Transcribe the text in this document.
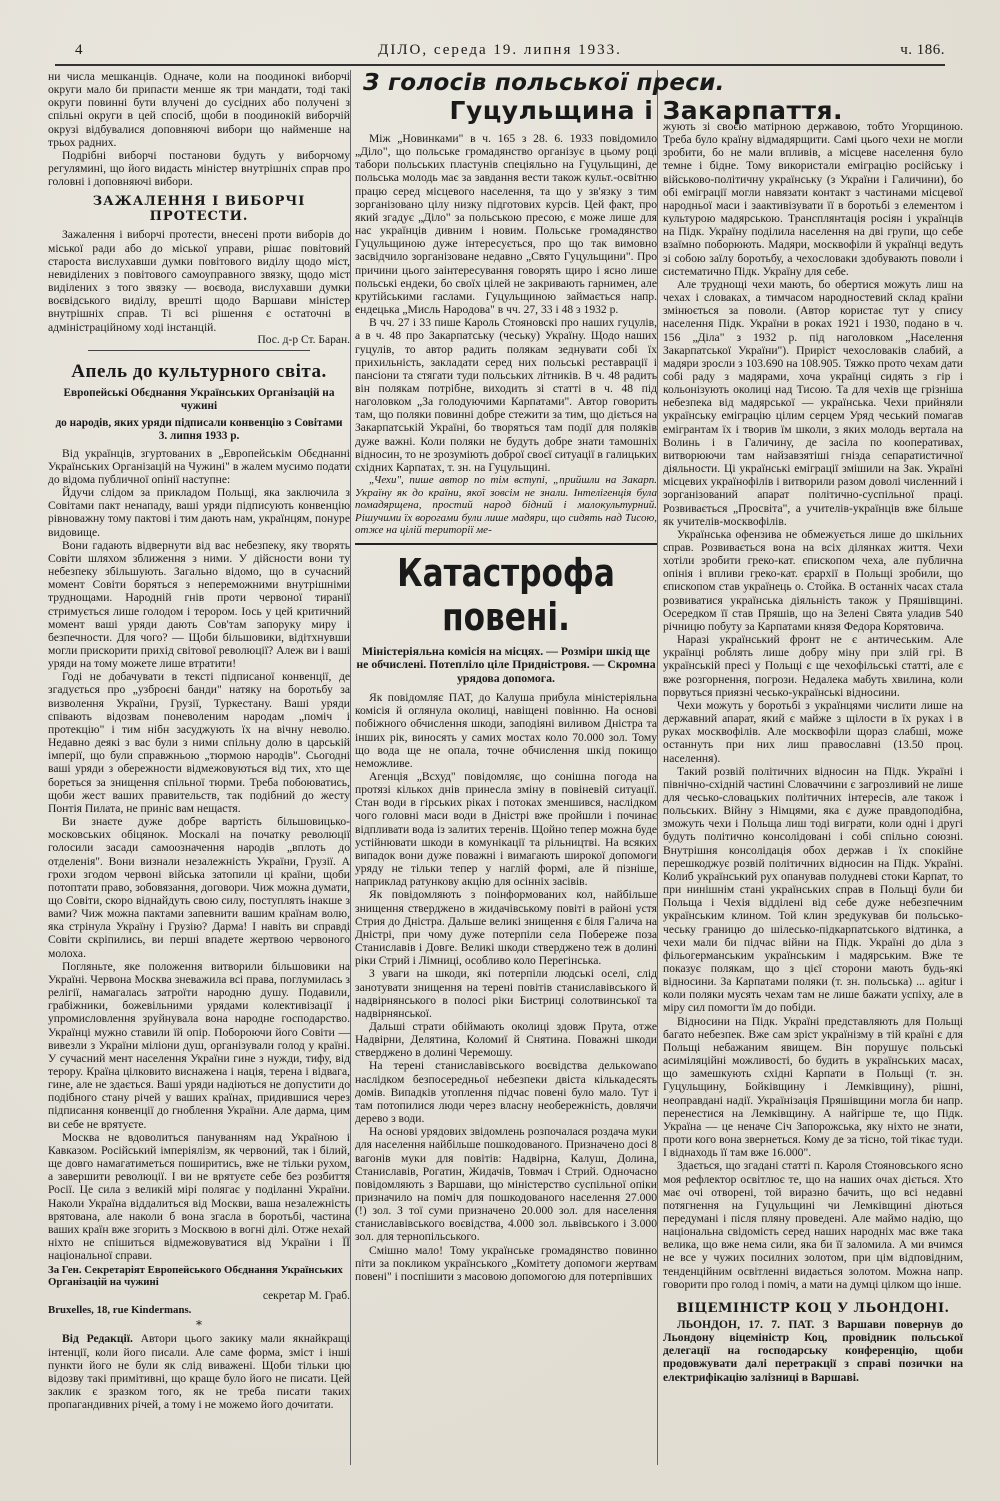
4	ДІЛО, середа 19. липня 1933.	ч. 186.

ни числа мешканців. Одначе, коли на поодинокі виборчі округи мало би припасти менше як три мандати, тоді такі округи повинні бути влучені до сусідних або получені з спільні округи в цей спосіб, щоби в поодинокій виборчій окрузі відбувалися доповняючі вибори що найменше на трьох радних.

Подрібні виборчі постанови будуть у виборчому регулямині, що його видасть міністер внутрішніх справ про головні і доповняючі вибори.

ЗАЖАЛЕННЯ І ВИБОРЧІ ПРОТЕСТИ.

Зажалення і виборчі протести, внесені проти виборів до міської ради або до міської управи, рішає повітовий староста вислухавши думки повітового виділу щодо міст, невиділених з повітового самоуправного звязку, щодо міст виділених з того звязку — воєвода, вислухавши думки воєвідського виділу, врешті щодо Варшави міністер внутрішніх справ. Ті всі рішення є остаточні в адміністраційному ході інстанцій.

Пос. д-р Ст. Баран.

Апель до культурного світа.
Европейські Обєднання Українських Організацій на чужині
до народів, яких уряди підписали конвенцію з Совітами 3. липня 1933 р.

Від українців, згуртованих в „Европейськім Обєднанні Українських Організацій на Чужині" в жалем мусимо подати до відома публичної опінії наступне:

Йдучи слідом за прикладом Польщі, яка заключила з Совітами пакт ненападу, ваші уряди підписують конвенцію рівноважну тому пактові і тим дають нам, українцям, понуре видовище.

Вони гадають відвернути від вас небезпеку, яку творять Совіти шляхом зближення з ними. У дійсности вони ту небезпеку збільшують. Загально відомо, що в сучасний момент Совіти боряться з непереможними внутрішніми труднощами. Народній гнів проти червоної тиранії стримується лише голодом і терором. Іось у цей критичний момент ваші уряди дають Сов'там запоруку миру і безпечности. Для чого? — Щоби більшовики, відітхнувши могли прискорити прихід світової революції? Алеж ви і ваші уряди на тому можете лише втратити!

Годі не добачувати в тексті підписаної конвенції, де згадується про „узброєні банди" натяку на боротьбу за визволення України, Грузії, Туркестану. Ваші уряди співають відозвам поневоленим народам „поміч і протекцію" і тим нібн засуджують їх на вічну неволю. Недавно деякі з вас були з ними спільну долю в царській імперії, що були справжньою „тюрмою народів". Сьогодні ваші уряди з обережности відмежовуються від тих, хто ще бореться за знищення спільної тюрми. Треба побоюватись, щоби жест ваших правительств, так подібний до жесту Понтія Пилата, не приніс вам нещастя.

Ви знаєте дуже добре вартість більшовицько-московських обіцянок. Москалі на початку революції голосили засади самоозначення народів „вплоть до отделенія". Вони визнали незалежність України, Грузії. А грохи згодом червоні війська затопили ці країни, щоби потоптати право, зобовязання, договори. Чиж можна думати, що Совіти, скоро віднайдуть свою силу, поступлять інакше з вами? Чиж можна пактами запевнити вашим країнам волю, яка стрінула Україну і Грузію? Дарма! І навіть ви справді Совіти скріпились, ви перші впадете жертвою червоного молоха.

Погляньте, яке положення витворили більшовики на Україні. Червона Москва зневажила всі права, поглумилась з релігії, намагалась затроїти народню душу. Подавили, грабіжники, божевільними урядами колективізації і упромисловлення зруйнувала вона народне господарство. Українці мужно ставили їй опір. Побороючи його Совіти — вивезли з України міліони душ, організували голод у країні. У сучасний мент населення України гине з нужди, тифу, від терору. Країна цілковито виснажена і нація, терена і відвага, гине, але не здається. Ваші уряди надіються не допустити до подібного стану річей у ваших країнах, придившися через підписання конвенції до гноблення України. Але дарма, цим ви себе не врятуєте.

Москва не вдоволиться пануванням над Україною і Кавказом. Російський імперіялізм, як червоний, так і білий, ще довго намагатиметься поширитись, вже не тільки рухом, а завершити революції. І ви не врятуєте себе без розбиття Росії. Це сила з великій мірі полягає у поділанні України. Наколи Україна віддалиться від Москви, вашa незалежність врятована, але наколи б вона згасла в боротьбі, частина ваших країн вже згорить з Москвою в вогні ділі. Отже нехай ніхто не спішиться відмежовуватися від України і ЇЇ національної справи.

За Ген. Секретаріят Европейського Обєднання Українських Організацій на чужині

секретар М. Граб.

Bruxelles, 18, rue Kindermans.

*

Від Редакції. Автори цього закику мали якнайкращі інтенції, коли його писали. Але саме форма, зміст і інші пункти його не були як слід виважені. Щоби тільки цю відозву такі примітивні, що краще було його не писати. Цей заклик є зразком того, як не треба писати таких пропагандивних річей, а тому і не можемо його дочитати.

З голосів польської преси.
Гуцульщина і Закарпаття.

Між „Новинками" в ч. 165 з 28. 6. 1933 повідомило „Діло", що польське громадянство організує в цьому році табори польських пластунів спеціяльно на Гуцульщині, де польська молодь має за завдання вести також культ.-освітню працю серед місцевого населення, та що у зв'язку з тим зорганізовано цілу низку підготових курсів. Цей факт, про який згадує „Діло" за польською пресою, є може лише для нас українців дивним і новим. Польське громадянство Гуцульщиною дуже інтересується, про що так вимовно засвідчило зорганізоване недавно „Свято Гуцульщини". Про причини цього заінтересування говорять щиро і ясно лише польські ендеки, бо своїх цілей не закривають гарнимен, але крутійськими гаслами. Гуцульщиною займається напр. ендецька „Мисль Народова" в чч. 27, 33 і 48 з 1932 р.

В чч. 27 і 33 пише Кароль Стояновскі про наших гуцулів, а в ч. 48 про Закарпатську (чеську) Україну. Щодо наших гуцулів, то автор радить полякам зеднувати собі їх прихильність, закладати серед них польські реставрації і пансіони та стягати туди польських літників. В ч. 48 радить він полякам потрібне, виходить зі статті в ч. 48 під наголовком „За голодуючими Карпатами". Автор говорить там, що поляки повинні добре стежити за тим, що діється на Закарпатській Україні, бо творяться там події для поляків дуже важні. Коли поляки не будуть добре знати тамошніх відносин, то не зрозуміють доброї своєї ситуації в галицьких східних Карпатах, т. зн. на Гуцульщині.

„Чехи", пише автор по тім вступі, „прийшли на Закарп. Україну як до країни, якої зовсім не знали. Інтелігенція була помадярщена, простий народ бідний і малокультурний. Рішучими їх ворогами були лише мадяри, що сидять над Тисою, отже на цілій території ме-

Катастрофа повені.
Міністеріяльна комісія на місцях. — Розміри шкід ще не обчислені. Потепліло ціле Придністровя. — Скромна урядова допомога.

Як повідомляє ПАТ, до Калуша прибула міністеріяльна комісія й оглянула околиці, навіщені повінню. На основі побіжного обчислення шкоди, заподіяні виливом Дністра та інших рік, виносять у самих мостах коло 70.000 зол. Тому що вода ще не опала, точне обчислення шкід покищо неможливе.

Агенція „Всхуд" повідомляє, що сонішна погода на протязі кількох днів принесла зміну в повіневій ситуації. Стан води в гірських ріках і потоках зменшився, наслідком чого головні маси води в Дністрі вже пройшли і починає відпливати вода із залитих теренів. Щойно тепер можна буде устійнювати шкоди в комунікації та рільництві. На всяких випадок вони дуже поважні і вимагають широкої допомоги уряду не тільки тепер у наглій формі, але й пізніше, наприклад ратункову акцію для осінніх засівів.

Як повідомляють з поінформованих кол, найбільше знищення стверджено в жидачівському повіті в районі устя Стрия до Дністра. Дальше великі знищення є біля Галича на Дністрі, при чому дуже потерпіли села Побереже поза Станиславів і Довге. Великі шкоди стверджено теж в долині ріки Стрий і Лімниці, особливо коло Перегінська.

З уваги на шкоди, які потерпіли людські оселі, слід занотувати знищення на терені повітів станиславівського й надвірнянського в полосі ріки Бистриці солотвинської та надвірнянської.

Дальші страти обіймають околиці здовж Прута, отже Надвірни, Делятина, Коломиї й Снятина. Поважні шкоди стверджено в долині Черемошу.

На терені станиславівського воєвідства делькowano наслідком безпосередньої небезпеки двіста кількадесять домів. Випадків утоплення підчас повені було мало. Тут і там потопилися люди через власну необережність, довлячи дерево з води.

На основі урядових звідомлень розпочалася роздача муки для населення найбільше пошкодованого. Призначено досі 8 вагонів муки для повітів: Надвірна, Калуш, Долина, Станиславів, Рогатин, Жидачів, Товмач і Стрий. Одночасно повідомляють з Варшави, що міністерство суспільної опіки призначило на поміч для пошкодованого населення 27.000 (!) зол. З тої суми призначено 20.000 зол. для населення станиславівського воєвідства, 4.000 зол. львівського і 3.000 зол. для тернопільського.

Смішно мало! Тому українське громадянство повинно піти за покликом українського „Комітету допомоги жертвам повені" і поспішити з масовою допомогою для потерпівших

жують зі своєю матірною державою, тобто Угорщиною. Треба було країну відмадярщити. Самі цього чехи не могли зробити, бо не мали впливів, а місцеве населення було темне і бідне. Тому використали еміграцію російську і військово-політичну українську (з України і Галичини), бо обі еміграції могли навязати контакт з частинами місцевої народньої маси і заактивізувати її в боротьбі з елементом і культурою мадярською. Трансплянтація росіян і українців на Підк. Україну поділила населення на дві групи, що себе взаїмно поборюють. Мадяри, москвофіли й українці ведуть зі собою заїлу боротьбу, а чехословаки здобувають поволи і систематично Підк. Україну для себе.

Але труднощі чехи мають, бо обертися можуть лиш на чехах і словаках, а тимчасом народностевий склад країни змінюється за поволи. (Автор користає тут у спису населення Підк. України в роках 1921 і 1930, подано в ч. 156 „Діла" з 1932 р. під наголовком „Населення Закарпатської України"). Приріст чехословаків слабий, а мадяри зросли з 103.690 на 108.905. Тяжко прото чехам дати собі раду з мадярами, хоча українці сидять з гір і кольонізують околиці над Тисою. Та для чехів ще грізніша небезпека від мадярської — українська. Чехи прийняли українську еміграцію цілим серцем Уряд чеський помагав емігрантам їх і творив їм школи, з яких молодь вертала на Волинь і в Галичину, де засіла по кооперативах, витворюючи там найзавзятіші гнізда сепаратистичної діяльности. Ці українські еміграції змішили на Зак. Україні місцевих українофілів і витворили разом доволі численний і зорганізований апарат політично-суспільної праці. Розвивається „Просвіта", а учителів-українців вже більше як учителів-москвофілів.

Українська офензива не обмежується лише до шкільних справ. Розвивається вона на всіх ділянках життя. Чехи хотіли зробити греко-кат. єпископом чеха, але публична опінія і впливи греко-кат. єрархії в Польщі зробили, що єпископом став українець о. Стойка. В останніх часах стала розвиватися українська діяльність також у Пряшівщині. Осередком її став Пряшів, що на Зелені Свята уладив 540 річницю побуту за Карпатами князя Федора Корятовича.

Наразі український фронт не є античеським. Але українці роблять лише добру міну при злій грі. В українській пресі у Польщі є ще чехофільські статті, але є вже розгорнення, погрози. Недалека мабуть хвилина, коли порвуться приязні чесько-українські відносини.

Чехи можуть у боротьбі з українцями числити лише на державний апарат, який є майже з щілости в їх руках і в руках москвофілів. Але москвофіли щораз слабші, може останнуть при них лиш православні (13.50 проц. населення).

Такий розвій політичних відносин на Підк. Україні і північно-східній частині Словаччини є загрозливий не лише для чесько-словацьких політичних інтересів, але також і польських. Війну з Німцями, яка є дуже правдоподібна, зможуть чехи і Польща лиш тоді виграти, коли одні і другі будуть політично консолідовані і собі спільно союзні. Внутрішня консолідація обох держав і їх спокійне перешкоджує розвій політичних відносин на Підк. Україні. Колиб український рух опанував полудневі стоки Карпат, то при нинішнім стані українських справ в Польщі були би Польща і Чехія відділені від себе дуже небезпечним українським клином. Той клин зредукував би польсько-чеську границю до шілесько-підкарпатського відтинка, а чехи мали би підчас війни на Підк. Україні до діла з фільогерманським українським і мадярським. Вже те показує полякам, що з цієї сторони мають будь-які відносини. За Карпатами поляки (т. зн. польська) ... agitur і коли поляки мусять чехам там не лише бажати успіху, але в міру сил помогти їм до побіди.

Відносини на Підк. Україні представляють для Польщі багато небезпек. Вже сам зріст українізму в тій країні є для Польщі небажаним явищем. Він порушує польські асиміляційні можливості, бо будить в українських масах, що замешкують східні Карпати в Польщі (т. зн. Гуцульщину, Бойківщину і Лемківщину), рішні, неоправдані надії. Українізація Пряшівщини могла би напр. перенестися на Лемківщину. А найгірше те, що Підк. Україна — це неначе Січ Запорожська, яку ніхто не знати, проти кого вона звернеться. Кому де за тісно, той тікає туди. І віднаходь її там вже 16.000".

Здається, що згадані статті п. Кароля Стояновського ясно моя рефлектор освітлює те, що на наших очах діється. Хто має очі отворені, той виразно бачить, що всі недавні потягнення на Гуцульщині чи Лемківщині діються передумані і після пляну проведені. Але маймо надію, що національна свідомість серед наших народніх мас вже така велика, що вже нема сили, яка би її заломила. А ми вчимся не все у чужих посилних золотом, при цім відповідним, тенденційним освітленні видається золотом. Можна напр. говорити про голод і поміч, а мати на думці цілком що інше.

ВІЦЕМІНІСТР КОЦ У ЛЬОНДОНІ.

ЛЬОНДОН, 17. 7. ПАТ. З Варшави повернув до Льондону віцеміністр Коц, провідник польської делегації на господарську конференцію, щоби продовжувати далі перетракції з справі позички на електрифікацію залізниці в Варшаві.
